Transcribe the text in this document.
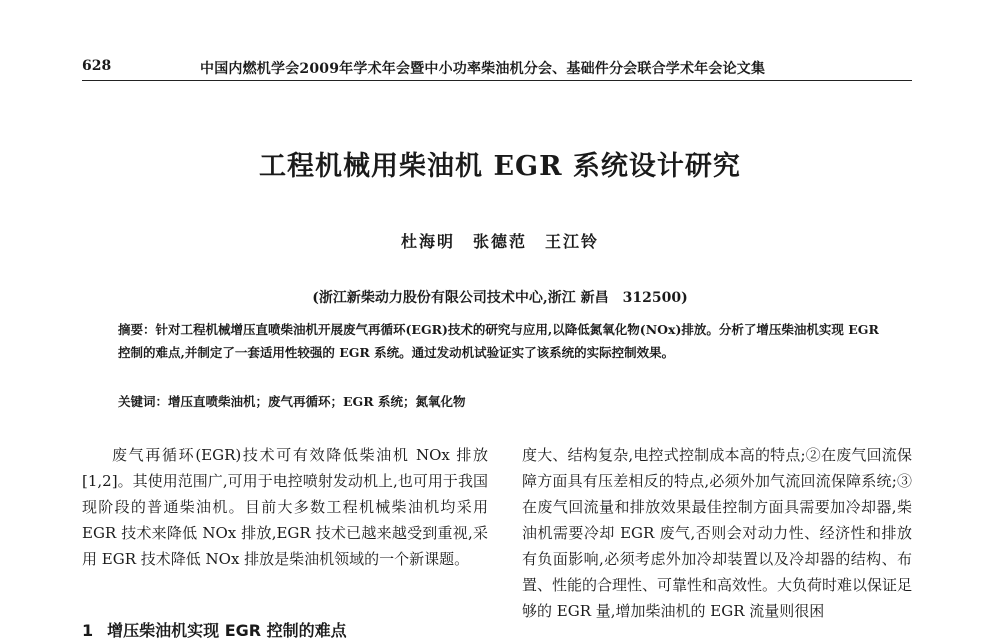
628	中国内燃机学会2009年学术年会暨中小功率柴油机分会、基础件分会联合学术年会论文集
工程机械用柴油机 EGR 系统设计研究
杜海明　张德范　王江铃
(浙江新柴动力股份有限公司技术中心,浙江 新昌　312500)
摘要：针对工程机械增压直喷柴油机开展废气再循环(EGR)技术的研究与应用,以降低氮氧化物(NOx)排放。分析了增压柴油机实现 EGR 控制的难点,并制定了一套适用性较强的 EGR 系统。通过发动机试验证实了该系统的实际控制效果。
关键词：增压直喷柴油机；废气再循环；EGR 系统；氮氧化物
废气再循环(EGR)技术可有效降低柴油机 NOx 排放[1,2]。其使用范围广,可用于电控喷射发动机上,也可用于我国现阶段的普通柴油机。目前大多数工程机械柴油机均采用 EGR 技术来降低 NOx 排放,EGR 技术已越来越受到重视,采用 EGR 技术降低 NOx 排放是柴油机领域的一个新课题。
度大、结构复杂,电控式控制成本高的特点;②在废气回流保障方面具有压差相反的特点,必须外加气流回流保障系统;③在废气回流量和排放效果最佳控制方面具需要加冷却器,柴油机需要冷却 EGR 废气,否则会对动力性、经济性和排放有负面影响,必须考虑外加冷却装置以及冷却器的结构、布置、性能的合理性、可靠性和高效性。大负荷时难以保证足够的 EGR 量,增加柴油机的 EGR 流量则很困
1 增压柴油机实现 EGR 控制的难点
